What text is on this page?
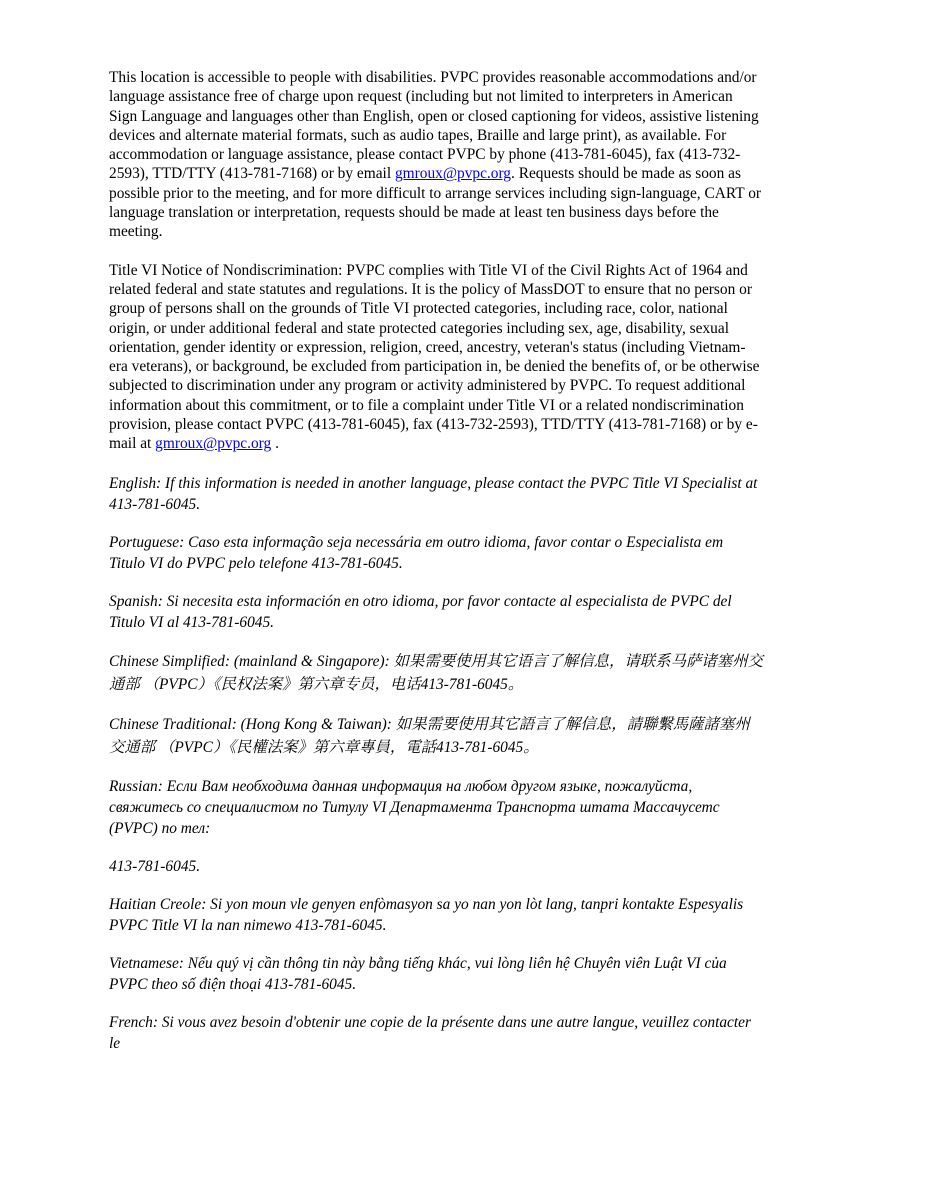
This location is accessible to people with disabilities. PVPC provides reasonable accommodations and/or
language assistance free of charge upon request (including but not limited to interpreters in American
Sign Language and languages other than English, open or closed captioning for videos, assistive listening
devices and alternate material formats, such as audio tapes, Braille and large print), as available. For
accommodation or language assistance, please contact PVPC by phone (413-781-6045), fax (413-732-
2593), TTD/TTY (413-781-7168) or by email gmroux@pvpc.org. Requests should be made as soon as
possible prior to the meeting, and for more difficult to arrange services including sign-language, CART or
language translation or interpretation, requests should be made at least ten business days before the
meeting.

Title VI Notice of Nondiscrimination: PVPC complies with Title VI of the Civil Rights Act of 1964 and
related federal and state statutes and regulations. It is the policy of MassDOT to ensure that no person or
group of persons shall on the grounds of Title VI protected categories, including race, color, national
origin, or under additional federal and state protected categories including sex, age, disability, sexual
orientation, gender identity or expression, religion, creed, ancestry, veteran's status (including Vietnam-
era veterans), or background, be excluded from participation in, be denied the benefits of, or be otherwise
subjected to discrimination under any program or activity administered by PVPC. To request additional
information about this commitment, or to file a complaint under Title VI or a related nondiscrimination
provision, please contact PVPC (413-781-6045), fax (413-732-2593), TTD/TTY (413-781-7168) or by e-
mail at gmroux@pvpc.org .

English: If this information is needed in another language, please contact the PVPC Title VI Specialist at
413-781-6045.

Portuguese: Caso esta informação seja necessária em outro idioma, favor contar o Especialista em
Titulo VI do PVPC pelo telefone 413-781-6045.

Spanish: Si necesita esta información en otro idioma, por favor contacte al especialista de PVPC del
Titulo VI al 413-781-6045.

Chinese Simplified: (mainland & Singapore): 如果需要使用其它语言了解信息，请联系马萨诸塞州交
通部 （PVPC）《民权法案》第六章专员，电话413-781-6045。

Chinese Traditional: (Hong Kong & Taiwan): 如果需要使用其它語言了解信息，請聯繫馬薩諸塞州
交通部 （PVPC）《民權法案》第六章專員，電話413-781-6045。

Russian: Если Вам необходима данная информация на любом другом языке, пожалуйста,
свяжитесь со специалистом по Титулу VI Департамента Транспорта штата Массачусетс
(PVPC) по тел:

413-781-6045.

Haitian Creole: Si yon moun vle genyen enfòmasyon sa yo nan yon lòt lang, tanpri kontakte Espesyalis
PVPC Title VI la nan nimewo 413-781-6045.

Vietnamese: Nếu quý vị cần thông tin này bằng tiếng khác, vui lòng liên hệ Chuyên viên Luật VI của
PVPC theo số điện thoại 413-781-6045.

French: Si vous avez besoin d'obtenir une copie de la présente dans une autre langue, veuillez contacter
le
